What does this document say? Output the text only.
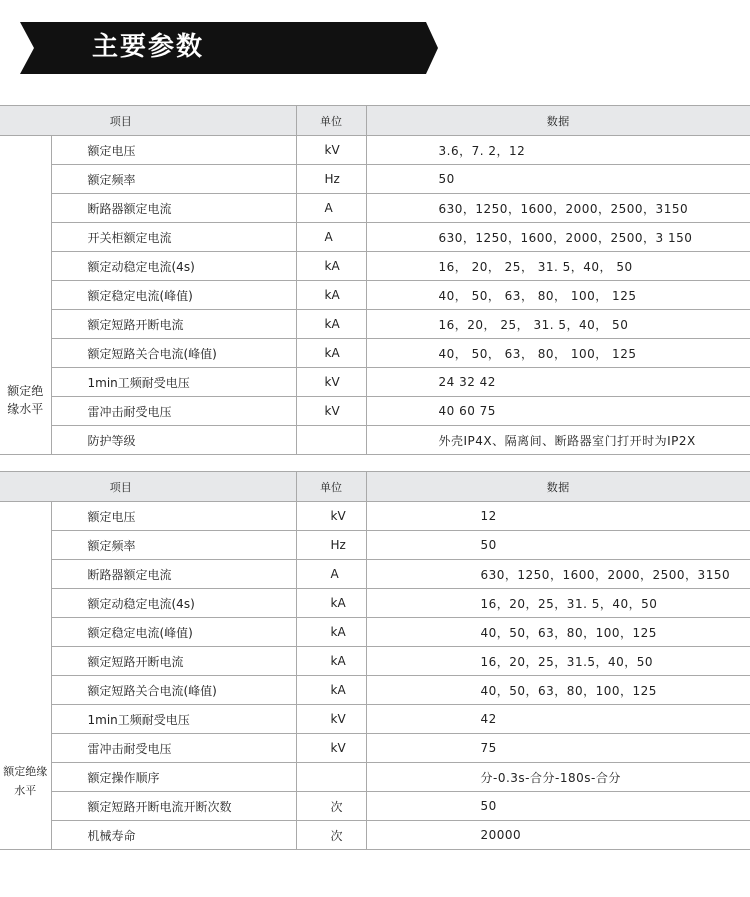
主要参数
项目		单位	数据
额定绝缘水平	额定电压	kV	3.6，7. 2，12
	额定频率	Hz	50
	断路器额定电流	A	630，1250，1600，2000，2500，3150
	开关柜额定电流	A	630，1250，1600，2000，2500，3 150
	额定动稳定电流(4s)	kA	16， 20， 25， 31. 5，40， 50
	额定稳定电流(峰值)	kA	40， 50， 63， 80， 100， 125
	额定短路开断电流	kA	16，20， 25， 31. 5，40， 50
	额定短路关合电流(峰值)	kA	40， 50， 63， 80， 100， 125
	1min工频耐受电压	kV	24 32 42
	雷冲击耐受电压	kV	40 60 75
	防护等级		外壳IP4X、隔离间、断路器室门打开时为IP2X
项目		单位	数据
额定绝缘水平	额定电压	kV	12
	额定频率	Hz	50
	断路器额定电流	A	630，1250，1600，2000，2500，3150
	额定动稳定电流(4s)	kA	16，20，25，31. 5，40，50
	额定稳定电流(峰值)	kA	40，50，63，80，100，125
	额定短路开断电流	kA	16，20，25，31.5，40，50
	额定短路关合电流(峰值)	kA	40，50，63，80，100，125
	1min工频耐受电压	kV	42
	雷冲击耐受电压	kV	75
	额定操作顺序		分-0.3s-合分-180s-合分
	额定短路开断电流开断次数	次	50
	机械寿命	次	20000
